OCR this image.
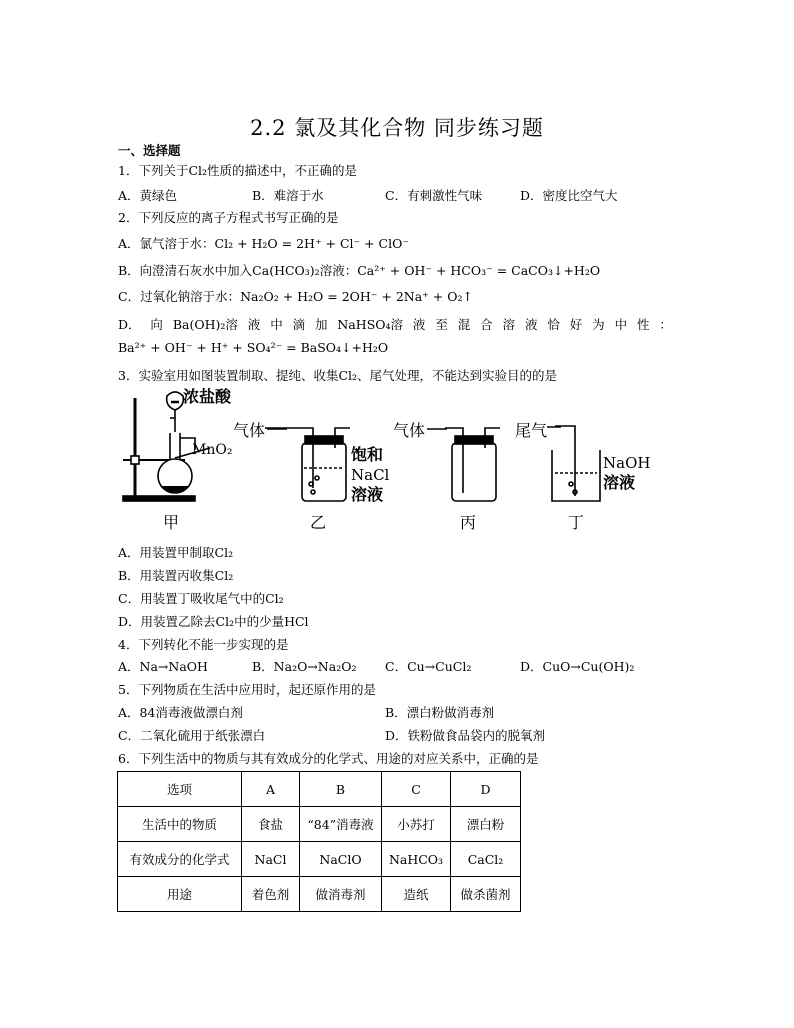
2.2 氯及其化合物 同步练习题
一、选择题
1．下列关于Cl₂性质的描述中，不正确的是
A．黄绿色	B．难溶于水	C．有刺激性气味	D．密度比空气大
2．下列反应的离子方程式书写正确的是
A．氯气溶于水：Cl₂ + H₂O = 2H⁺ + Cl⁻ + ClO⁻
B．向澄清石灰水中加入Ca(HCO₃)₂溶液：Ca²⁺ + OH⁻ + HCO₃⁻ = CaCO₃↓+H₂O
C．过氧化钠溶于水：Na₂O₂ + H₂O = 2OH⁻ + 2Na⁺ + O₂↑
D． 向 Ba(OH)₂溶 液 中 滴 加 NaHSO₄溶 液 至 混 合 溶 液 恰 好 为 中 性 ：
Ba²⁺ + OH⁻ + H⁺ + SO₄²⁻ = BaSO₄↓+H₂O
3．实验室用如图装置制取、提纯、收集Cl₂、尾气处理，不能达到实验目的的是
浓盐酸
MnO₂
甲
气体
饱和
NaCl
溶液
乙
气体
丙
尾气
NaOH
溶液
丁
A．用装置甲制取Cl₂
B．用装置丙收集Cl₂
C．用装置丁吸收尾气中的Cl₂
D．用装置乙除去Cl₂中的少量HCl
4．下列转化不能一步实现的是
A．Na→NaOH	B．Na₂O→Na₂O₂ C．Cu→CuCl₂	D．CuO→Cu(OH)₂
5．下列物质在生活中应用时，起还原作用的是
A．84消毒液做漂白剂	B．漂白粉做消毒剂
C．二氧化硫用于纸张漂白	D．铁粉做食品袋内的脱氧剂
6．下列生活中的物质与其有效成分的化学式、用途的对应关系中，正确的是
选项	A	B	C	D
生活中的物质	食盐	“84”消毒液	小苏打	漂白粉
有效成分的化学式	NaCl	NaClO	NaHCO₃	CaCl₂
用途	着色剂	做消毒剂	造纸	做杀菌剂
